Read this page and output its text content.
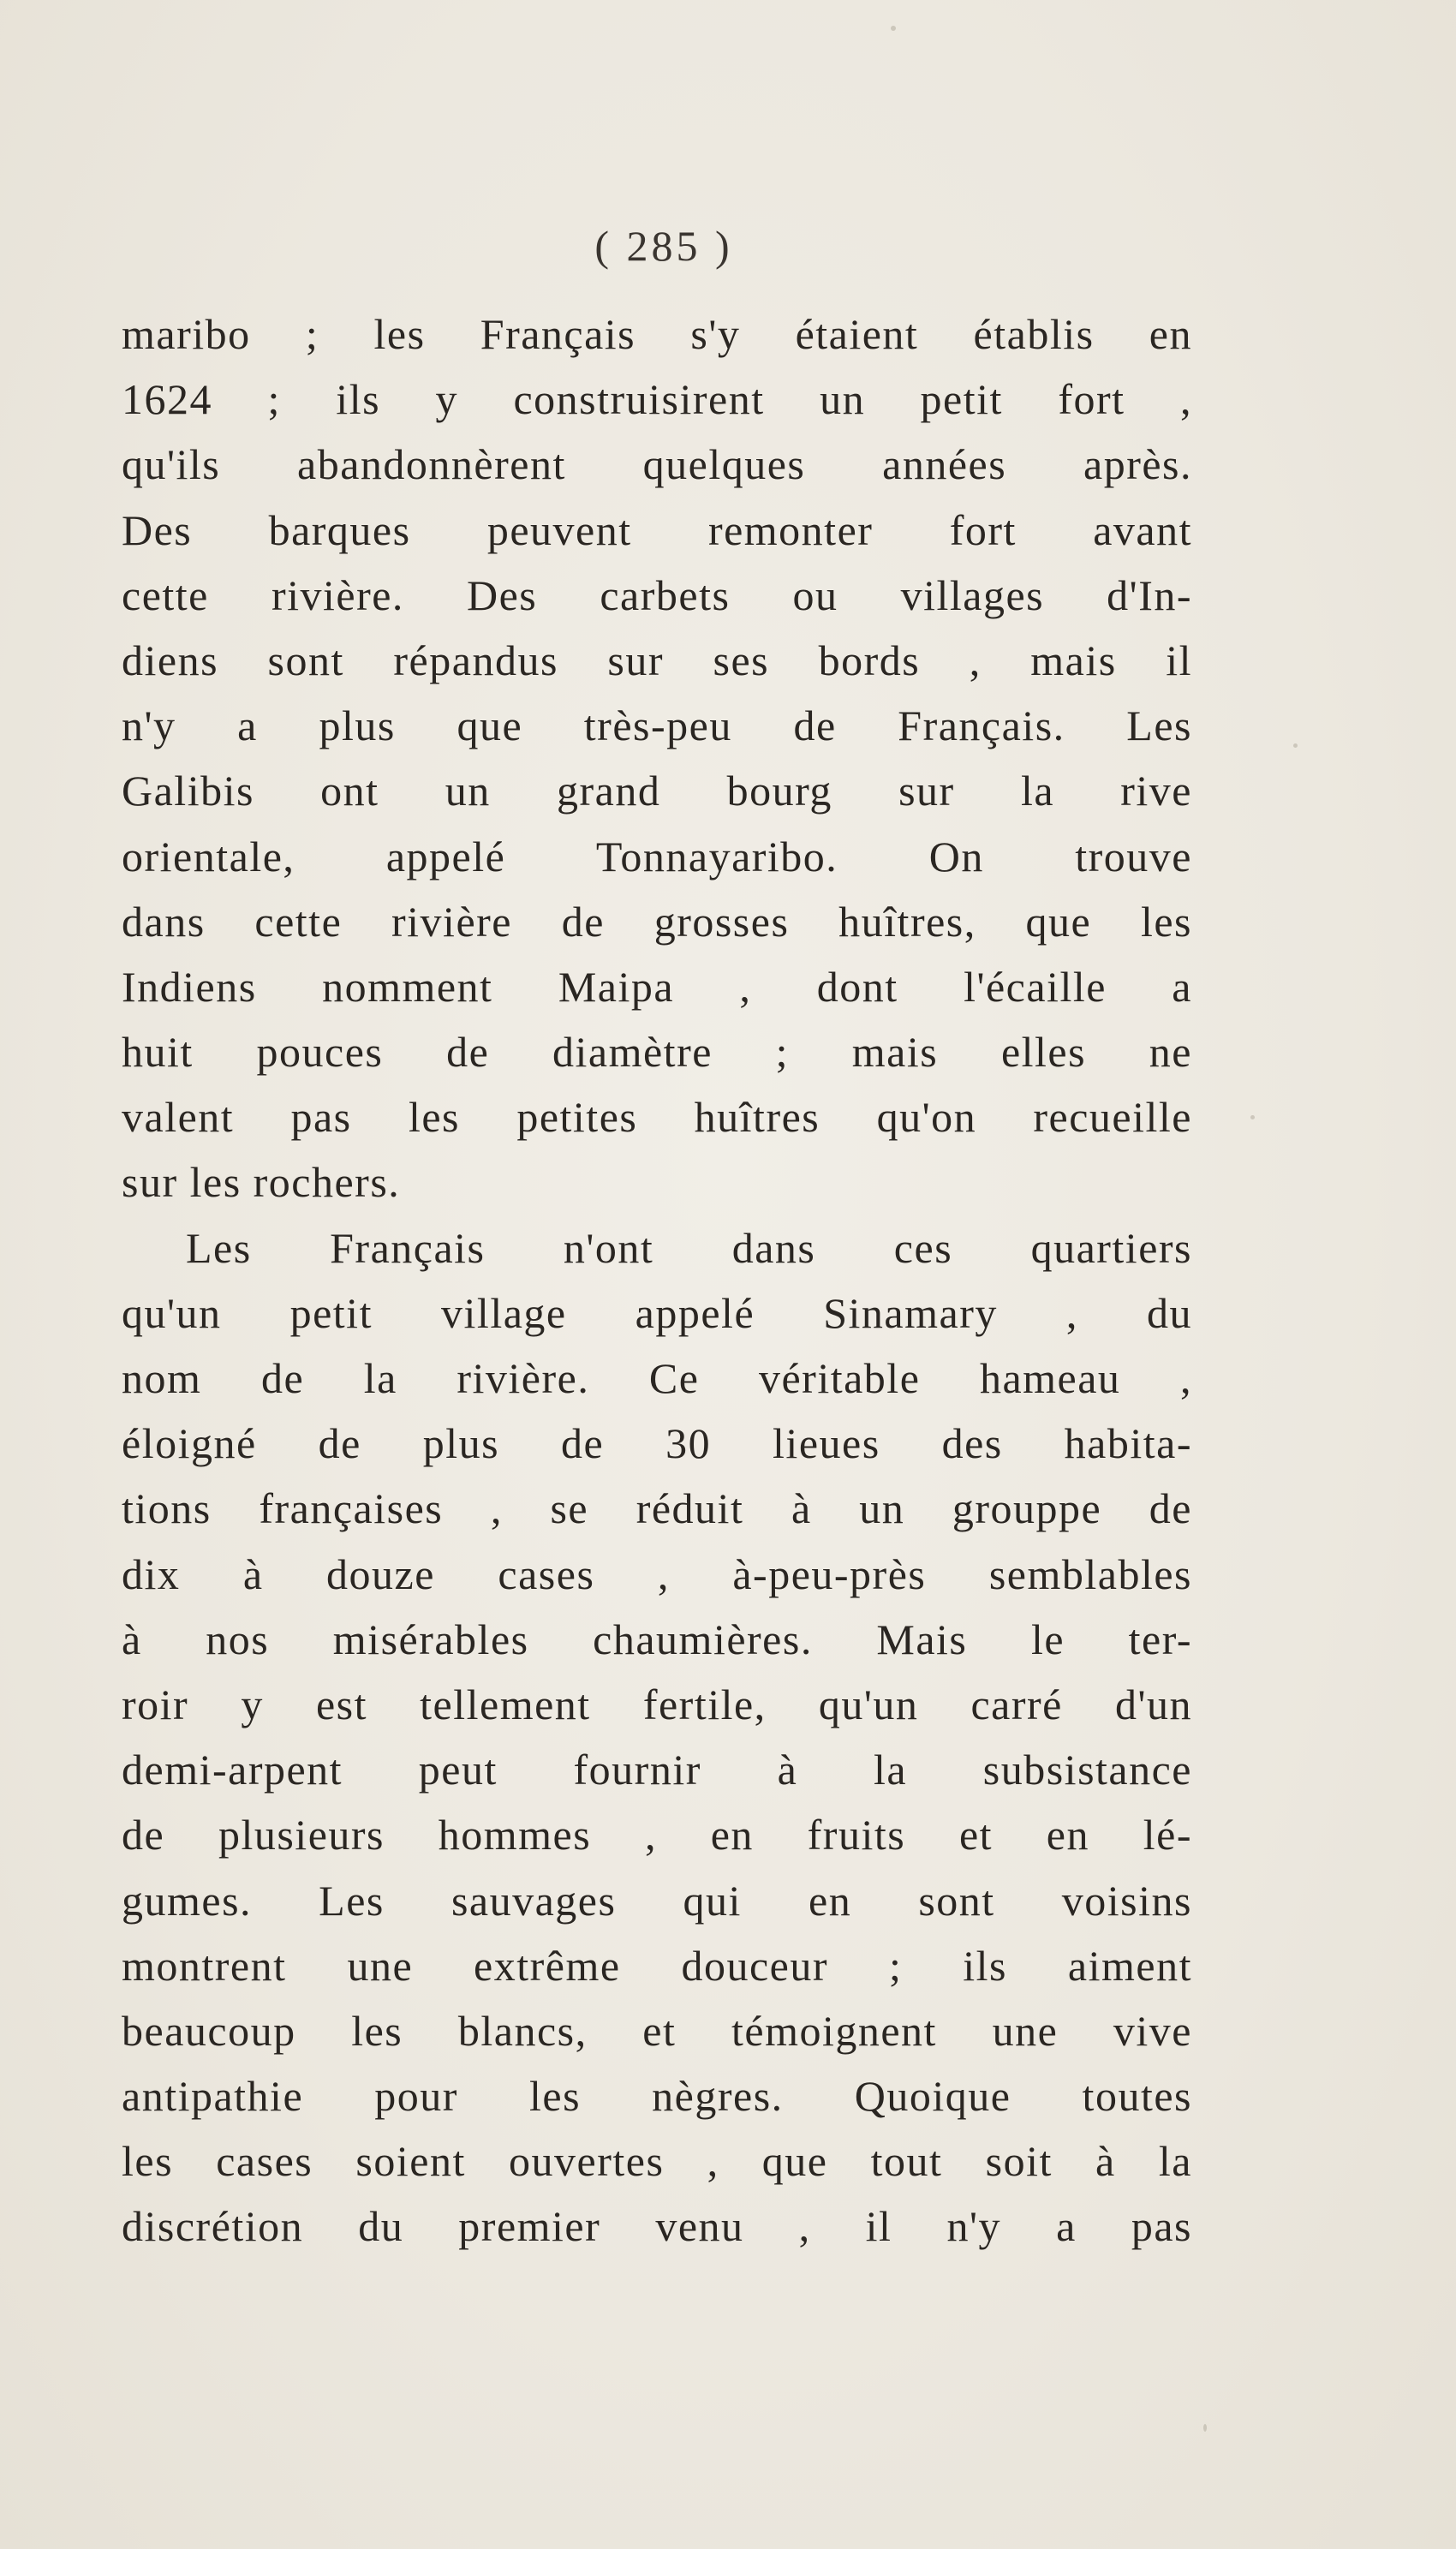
( 285 )
maribo ; les Français s'y étaient établis en
1624 ; ils y construisirent un petit fort ,
qu'ils abandonnèrent quelques années après.
Des barques peuvent remonter fort avant
cette rivière. Des carbets ou villages d'In-
diens sont répandus sur ses bords , mais il
n'y a plus que très-peu de Français. Les
Galibis ont un grand bourg sur la rive
orientale, appelé Tonnayaribo. On trouve
dans cette rivière de grosses huîtres, que les
Indiens nomment Maipa , dont l'écaille a
huit pouces de diamètre ; mais elles ne
valent pas les petites huîtres qu'on recueille
sur les rochers.
Les Français n'ont dans ces quartiers
qu'un petit village appelé Sinamary , du
nom de la rivière. Ce véritable hameau ,
éloigné de plus de 30 lieues des habita-
tions françaises , se réduit à un grouppe de
dix à douze cases , à-peu-près semblables
à nos misérables chaumières. Mais le ter-
roir y est tellement fertile, qu'un carré d'un
demi-arpent peut fournir à la subsistance
de plusieurs hommes , en fruits et en lé-
gumes. Les sauvages qui en sont voisins
montrent une extrême douceur ; ils aiment
beaucoup les blancs, et témoignent une vive
antipathie pour les nègres. Quoique toutes
les cases soient ouvertes , que tout soit à la
discrétion du premier venu , il n'y a pas
